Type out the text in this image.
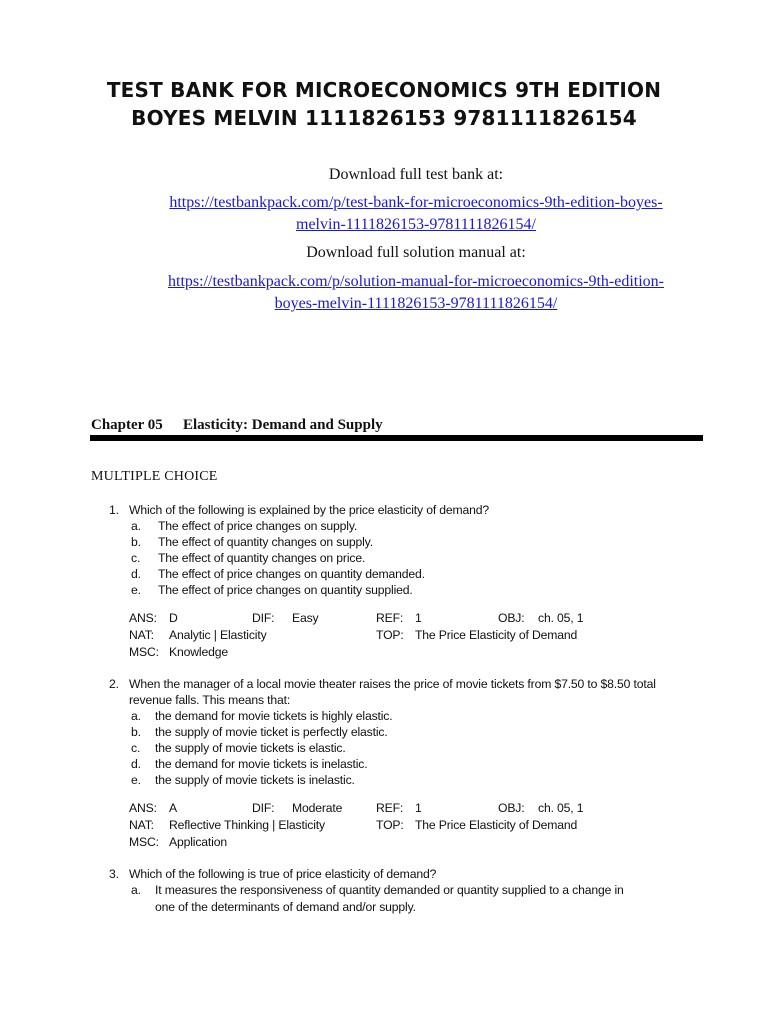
TEST BANK FOR MICROECONOMICS 9TH EDITION
BOYES MELVIN 1111826153 9781111826154
Download full test bank at:
https://testbankpack.com/p/test-bank-for-microeconomics-9th-edition-boyes-
melvin-1111826153-9781111826154/
Download full solution manual at:
https://testbankpack.com/p/solution-manual-for-microeconomics-9th-edition-
boyes-melvin-1111826153-9781111826154/
Chapter 05 Elasticity: Demand and Supply
MULTIPLE CHOICE
1. Which of the following is explained by the price elasticity of demand?
a. The effect of price changes on supply.
b. The effect of quantity changes on supply.
c. The effect of quantity changes on price.
d. The effect of price changes on quantity demanded.
e. The effect of price changes on quantity supplied.
ANS: D	DIF: Easy	REF: 1	OBJ: ch. 05, 1
NAT: Analytic | Elasticity	TOP: The Price Elasticity of Demand
MSC: Knowledge
2. When the manager of a local movie theater raises the price of movie tickets from $7.50 to $8.50 total
revenue falls. This means that:
a. the demand for movie tickets is highly elastic.
b. the supply of movie ticket is perfectly elastic.
c. the supply of movie tickets is elastic.
d. the demand for movie tickets is inelastic.
e. the supply of movie tickets is inelastic.
ANS: A	DIF: Moderate	REF: 1	OBJ: ch. 05, 1
NAT: Reflective Thinking | Elasticity	TOP: The Price Elasticity of Demand
MSC: Application
3. Which of the following is true of price elasticity of demand?
a. It measures the responsiveness of quantity demanded or quantity supplied to a change in
one of the determinants of demand and/or supply.
